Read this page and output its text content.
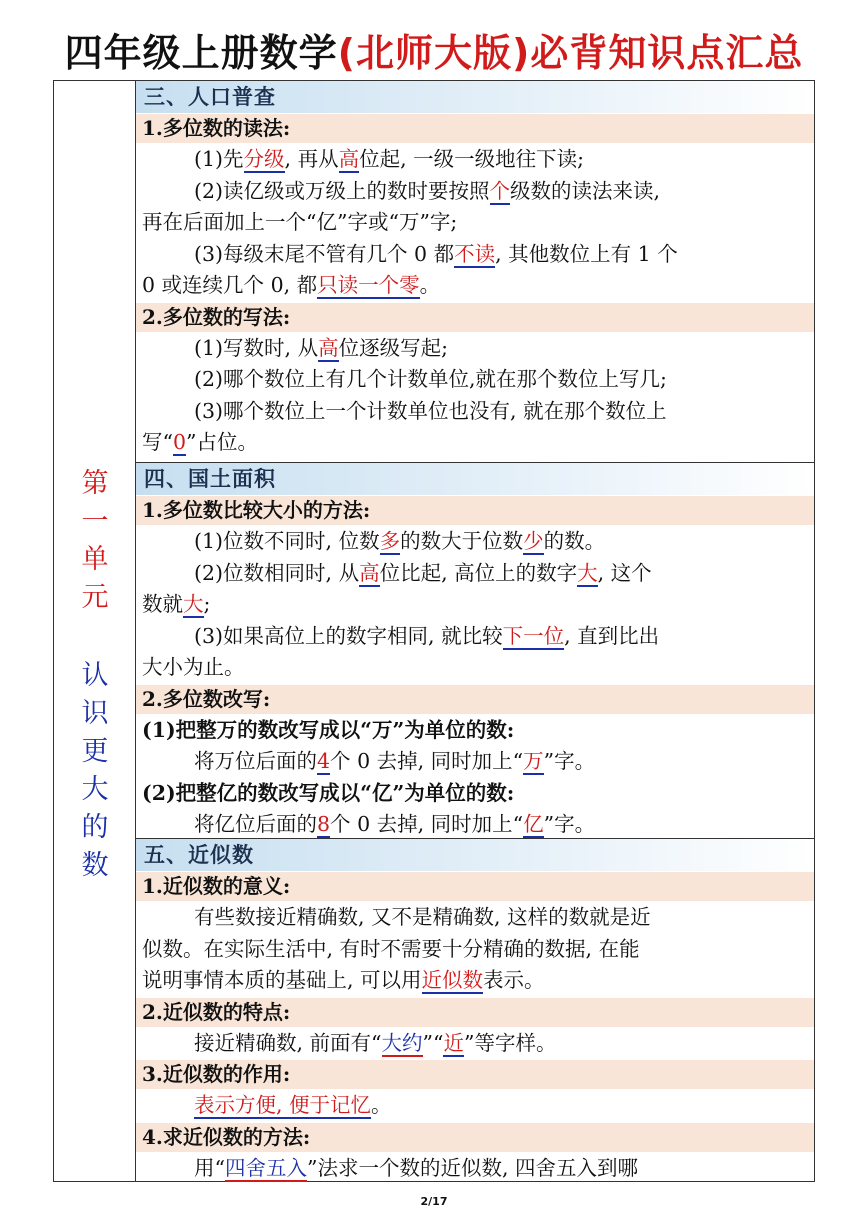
四年级上册数学(北师大版)必背知识点汇总
第
一
单
元
认
识
更
大
的
数
三、人口普查
1.多位数的读法:
(1)先分级, 再从高位起, 一级一级地往下读;
(2)读亿级或万级上的数时要按照个级数的读法来读,
再在后面加上一个“亿”字或“万”字;
(3)每级末尾不管有几个 0 都不读, 其他数位上有 1 个
0 或连续几个 0, 都只读一个零。
2.多位数的写法:
(1)写数时, 从高位逐级写起;
(2)哪个数位上有几个计数单位,就在那个数位上写几;
(3)哪个数位上一个计数单位也没有, 就在那个数位上
写“0”占位。
四、国土面积
1.多位数比较大小的方法:
(1)位数不同时, 位数多的数大于位数少的数。
(2)位数相同时, 从高位比起, 高位上的数字大, 这个
数就大;
(3)如果高位上的数字相同, 就比较下一位, 直到比出
大小为止。
2.多位数改写:
(1)把整万的数改写成以“万”为单位的数:
将万位后面的4个 0 去掉, 同时加上“万”字。
(2)把整亿的数改写成以“亿”为单位的数:
将亿位后面的8个 0 去掉, 同时加上“亿”字。
五、近似数
1.近似数的意义:
有些数接近精确数, 又不是精确数, 这样的数就是近
似数。在实际生活中, 有时不需要十分精确的数据, 在能
说明事情本质的基础上, 可以用近似数表示。
2.近似数的特点:
接近精确数, 前面有“大约”“近”等字样。
3.近似数的作用:
表示方便, 便于记忆。
4.求近似数的方法:
用“四舍五入”法求一个数的近似数, 四舍五入到哪
2/17
